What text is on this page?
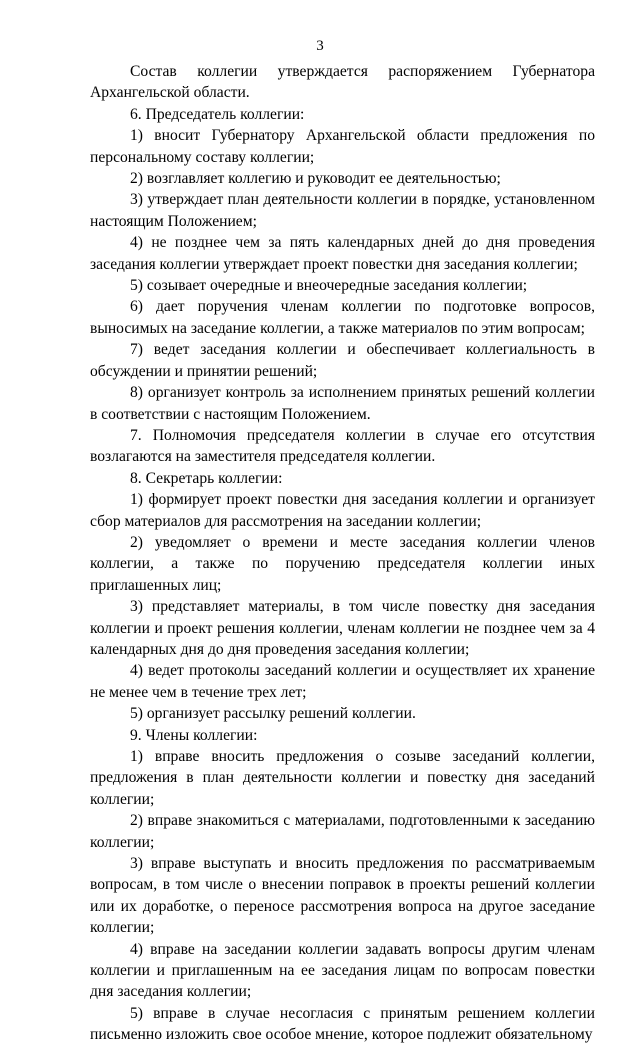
3

Состав коллегии утверждается распоряжением Губернатора Архангельской области.

6. Председатель коллегии:

1) вносит Губернатору Архангельской области предложения по персональному составу коллегии;

2) возглавляет коллегию и руководит ее деятельностью;

3) утверждает план деятельности коллегии в порядке, установленном настоящим Положением;

4) не позднее чем за пять календарных дней до дня проведения заседания коллегии утверждает проект повестки дня заседания коллегии;

5) созывает очередные и внеочередные заседания коллегии;

6) дает поручения членам коллегии по подготовке вопросов, выносимых на заседание коллегии, а также материалов по этим вопросам;

7) ведет заседания коллегии и обеспечивает коллегиальность в обсуждении и принятии решений;

8) организует контроль за исполнением принятых решений коллегии в соответствии с настоящим Положением.

7. Полномочия председателя коллегии в случае его отсутствия возлагаются на заместителя председателя коллегии.

8. Секретарь коллегии:

1) формирует проект повестки дня заседания коллегии и организует сбор материалов для рассмотрения на заседании коллегии;

2) уведомляет о времени и месте заседания коллегии членов коллегии, а также по поручению председателя коллегии иных приглашенных лиц;

3) представляет материалы, в том числе повестку дня заседания коллегии и проект решения коллегии, членам коллегии не позднее чем за 4 календарных дня до дня проведения заседания коллегии;

4) ведет протоколы заседаний коллегии и осуществляет их хранение не менее чем в течение трех лет;

5) организует рассылку решений коллегии.

9. Члены коллегии:

1) вправе вносить предложения о созыве заседаний коллегии, предложения в план деятельности коллегии и повестку дня заседаний коллегии;

2) вправе знакомиться с материалами, подготовленными к заседанию коллегии;

3) вправе выступать и вносить предложения по рассматриваемым вопросам, в том числе о внесении поправок в проекты решений коллегии или их доработке, о переносе рассмотрения вопроса на другое заседание коллегии;

4) вправе на заседании коллегии задавать вопросы другим членам коллегии и приглашенным на ее заседания лицам по вопросам повестки дня заседания коллегии;

5) вправе в случае несогласия с принятым решением коллегии письменно изложить свое особое мнение, которое подлежит обязательному
